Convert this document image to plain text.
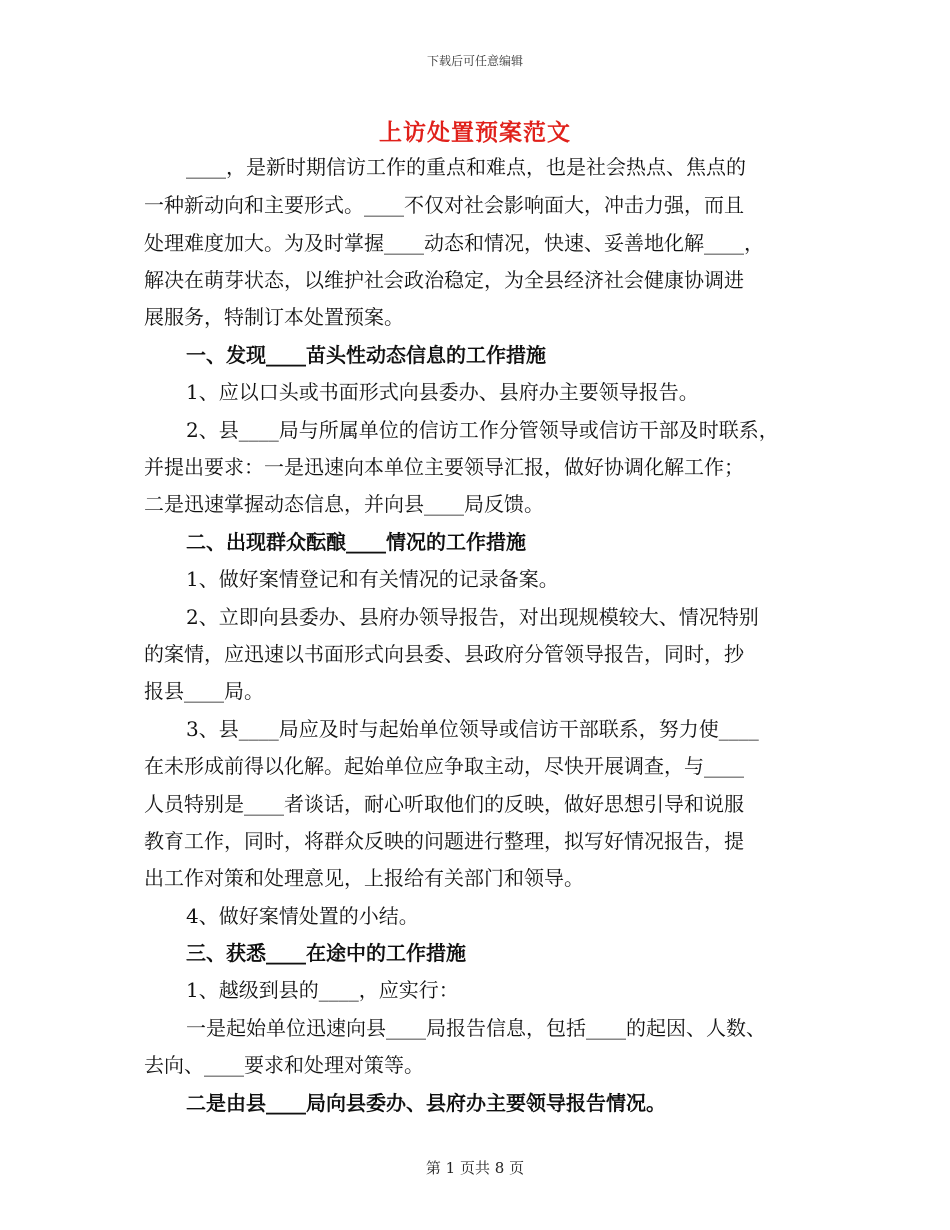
下载后可任意编辑
上访处置预案范文
____，是新时期信访工作的重点和难点，也是社会热点、焦点的
一种新动向和主要形式。____不仅对社会影响面大，冲击力强，而且
处理难度加大。为及时掌握____动态和情况，快速、妥善地化解____，
解决在萌芽状态，以维护社会政治稳定，为全县经济社会健康协调进
展服务，特制订本处置预案。
一、发现____苗头性动态信息的工作措施
1、应以口头或书面形式向县委办、县府办主要领导报告。
2、县____局与所属单位的信访工作分管领导或信访干部及时联系，
并提出要求：一是迅速向本单位主要领导汇报，做好协调化解工作；
二是迅速掌握动态信息，并向县____局反馈。
二、出现群众酝酿____情况的工作措施
1、做好案情登记和有关情况的记录备案。
2、立即向县委办、县府办领导报告，对出现规模较大、情况特别
的案情，应迅速以书面形式向县委、县政府分管领导报告，同时，抄
报县____局。
3、县____局应及时与起始单位领导或信访干部联系，努力使____
在未形成前得以化解。起始单位应争取主动，尽快开展调查，与____
人员特别是____者谈话，耐心听取他们的反映，做好思想引导和说服
教育工作，同时，将群众反映的问题进行整理，拟写好情况报告，提
出工作对策和处理意见，上报给有关部门和领导。
4、做好案情处置的小结。
三、获悉____在途中的工作措施
1、越级到县的____，应实行：
一是起始单位迅速向县____局报告信息，包括____的起因、人数、
去向、____要求和处理对策等。
二是由县____局向县委办、县府办主要领导报告情况。
第 1 页共 8 页
